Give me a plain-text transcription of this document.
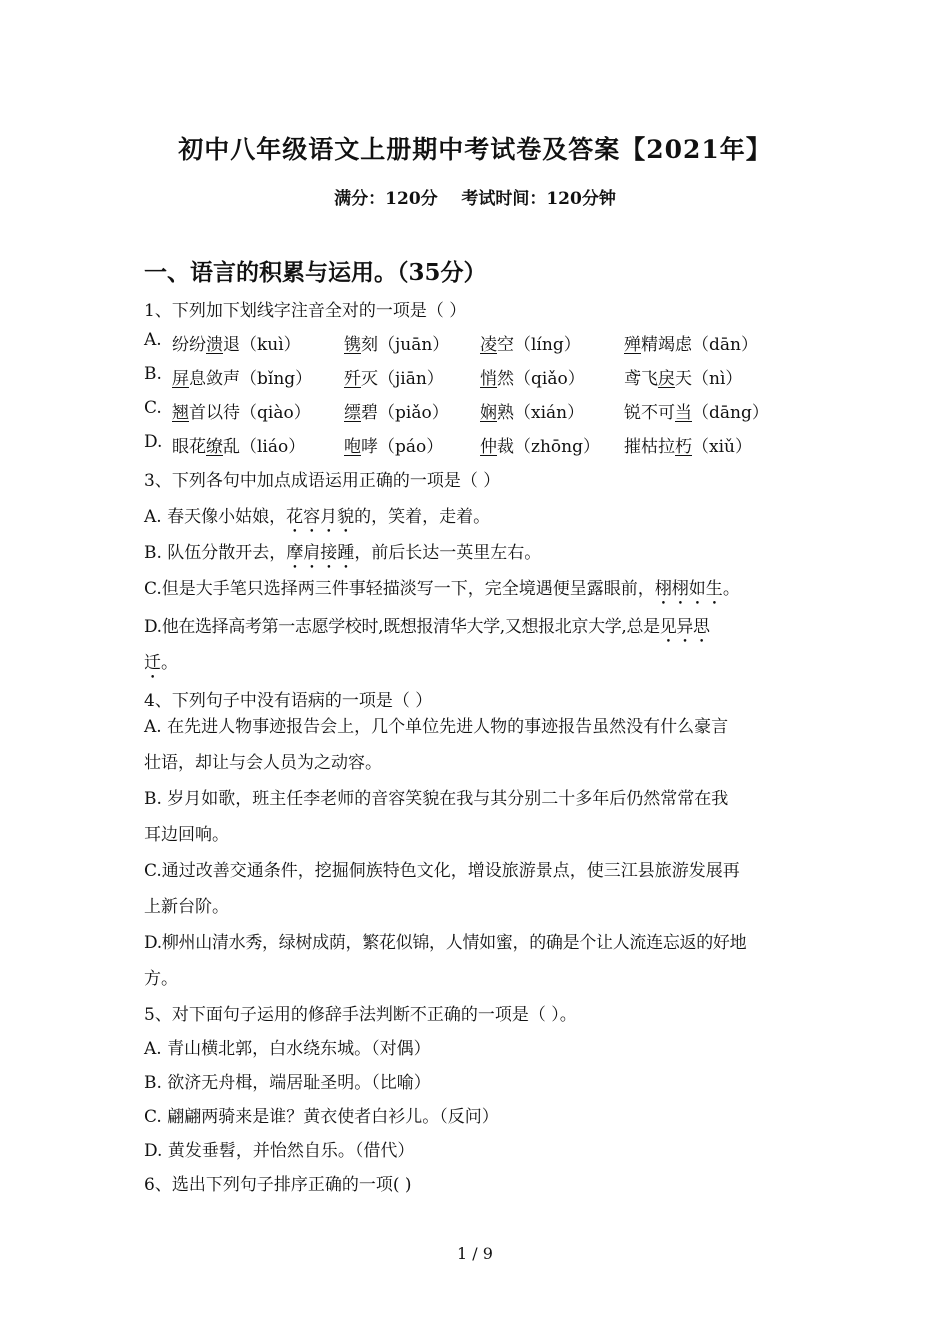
初中八年级语文上册期中考试卷及答案【2021年】
满分：120分    考试时间：120分钟
一、语言的积累与运用。（35分）
1、下列加下划线字注音全对的一项是（ ）
A. 纷纷溃退（kuì）	镌刻（juān） 凌空（líng）	殚精竭虑（dān）
B. 屏息敛声（bǐng） 歼灭（jiān） 悄然（qiǎo） 鸢飞戾天（nì）
C. 翘首以待（qiào） 缥碧（piǎo） 娴熟（xián） 锐不可当（dāng）
D. 眼花缭乱（liáo） 咆哮（páo） 仲裁（zhōng） 摧枯拉朽（xiǔ）
3、下列各句中加点成语运用正确的一项是（ ）
A. 春天像小姑娘，花容月貌的，笑着，走着。
B. 队伍分散开去，摩肩接踵，前后长达一英里左右。
C.但是大手笔只选择两三件事轻描淡写一下，完全境遇便呈露眼前，栩栩如生。
D.他在选择高考第一志愿学校时,既想报清华大学,又想报北京大学,总是见异思
迁。
4、下列句子中没有语病的一项是（ ）
A. 在先进人物事迹报告会上，几个单位先进人物的事迹报告虽然没有什么豪言
壮语，却让与会人员为之动容。
B. 岁月如歌，班主任李老师的音容笑貌在我与其分别二十多年后仍然常常在我
耳边回响。
C.通过改善交通条件，挖掘侗族特色文化，增设旅游景点，使三江县旅游发展再
上新台阶。
D.柳州山清水秀，绿树成荫，繁花似锦，人情如蜜，的确是个让人流连忘返的好地
方。
5、对下面句子运用的修辞手法判断不正确的一项是（ ）。
A. 青山横北郭，白水绕东城。（对偶）
B. 欲济无舟楫，端居耻圣明。（比喻）
C. 翩翩两骑来是谁？黄衣使者白衫儿。（反问）
D. 黄发垂髫，并怡然自乐。（借代）
6、选出下列句子排序正确的一项( )
1 / 9
